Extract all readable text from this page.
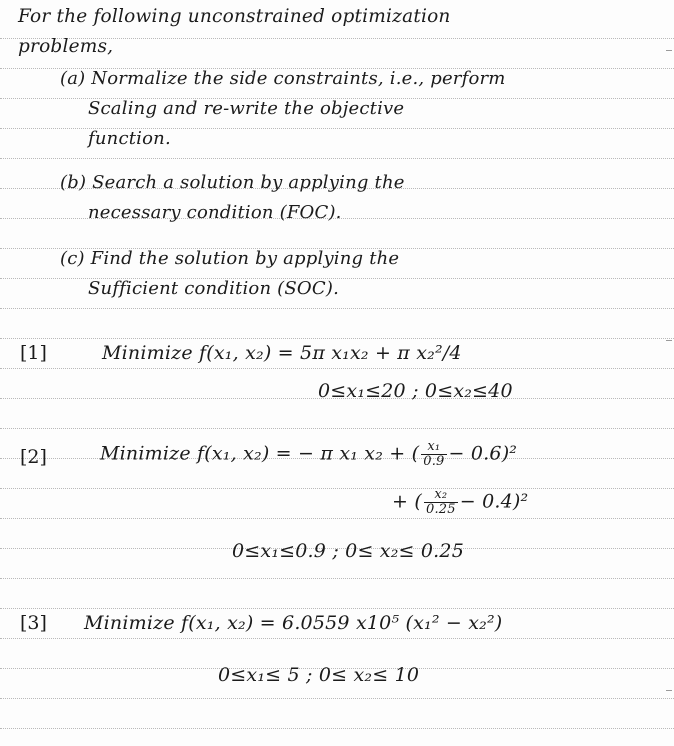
For the following unconstrained optimization
problems,
(a) Normalize the side constraints, i.e., perform
Scaling and re-write the objective
function.
(b) Search a solution by applying the
necessary condition (FOC).
(c) Find the solution by applying the
Sufficient condition (SOC).
[1]	Minimize f(x₁, x₂) = 5π x₁x₂ + π x₂²/4
0≤x₁≤20 ; 0≤x₂≤40
[2]	Minimize f(x₁, x₂) = − π x₁ x₂ + ( $\frac{\text{x₁}}{0.9} - 0.6)^2$
+ ( $\frac{\text{x₂}}{0.25} - 0.4)^2$
0≤x₁≤0.9 ; 0≤ x₂≤ 0.25
[3] Minimize f(x₁, x₂) = 6.0559 x10⁵ (x₁² − x₂²)
0≤x₁≤ 5 ; 0≤ x₂≤ 10
